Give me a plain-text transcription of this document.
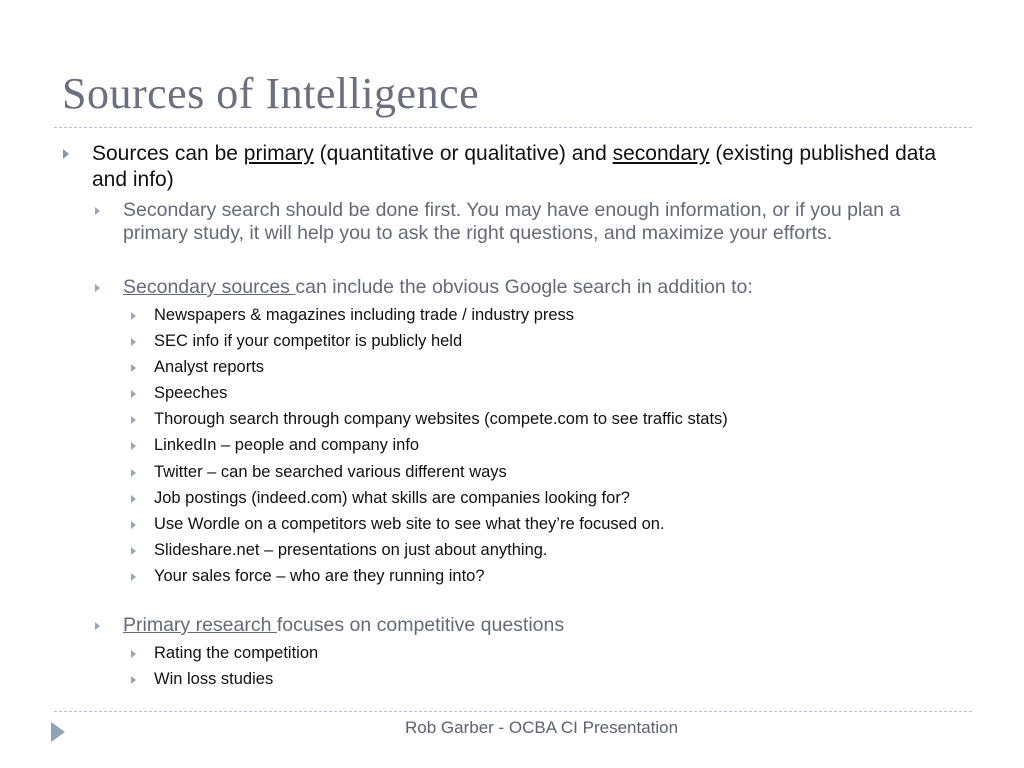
Sources of Intelligence
Sources can be primary (quantitative or qualitative) and secondary (existing published data and info)
Secondary search should be done first. You may have enough information, or if you plan a primary study, it will help you to ask the right questions, and maximize your efforts.
Secondary sources can include the obvious Google search in addition to:
Newspapers & magazines including trade / industry press
SEC info if your competitor is publicly held
Analyst reports
Speeches
Thorough search through company websites (compete.com to see traffic stats)
LinkedIn – people and company info
Twitter – can be searched various different ways
Job postings (indeed.com) what skills are companies looking for?
Use Wordle on a competitors web site to see what they’re focused on.
Slideshare.net – presentations on just about anything.
Your sales force – who are they running into?
Primary research focuses on competitive questions
Rating the competition
Win loss studies
Rob Garber - OCBA CI Presentation
